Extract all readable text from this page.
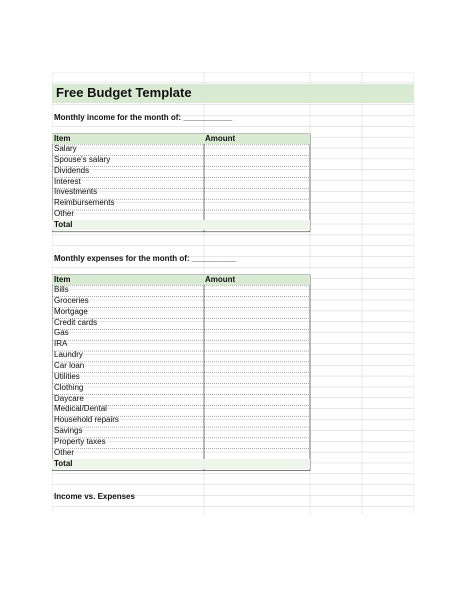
Free Budget Template
Monthly income for the month of: ___________
Item	Amount
Salary
Spouse's salary
Dividends
Interest
Investments
Reimbursements
Other
Total
Monthly expenses for the month of: __________
Item	Amount
Bills
Groceries
Mortgage
Credit cards
Gas
IRA
Laundry
Car loan
Utilities
Clothing
Daycare
Medical/Dental
Household repairs
Savings
Property taxes
Other
Total
Income vs. Expenses
